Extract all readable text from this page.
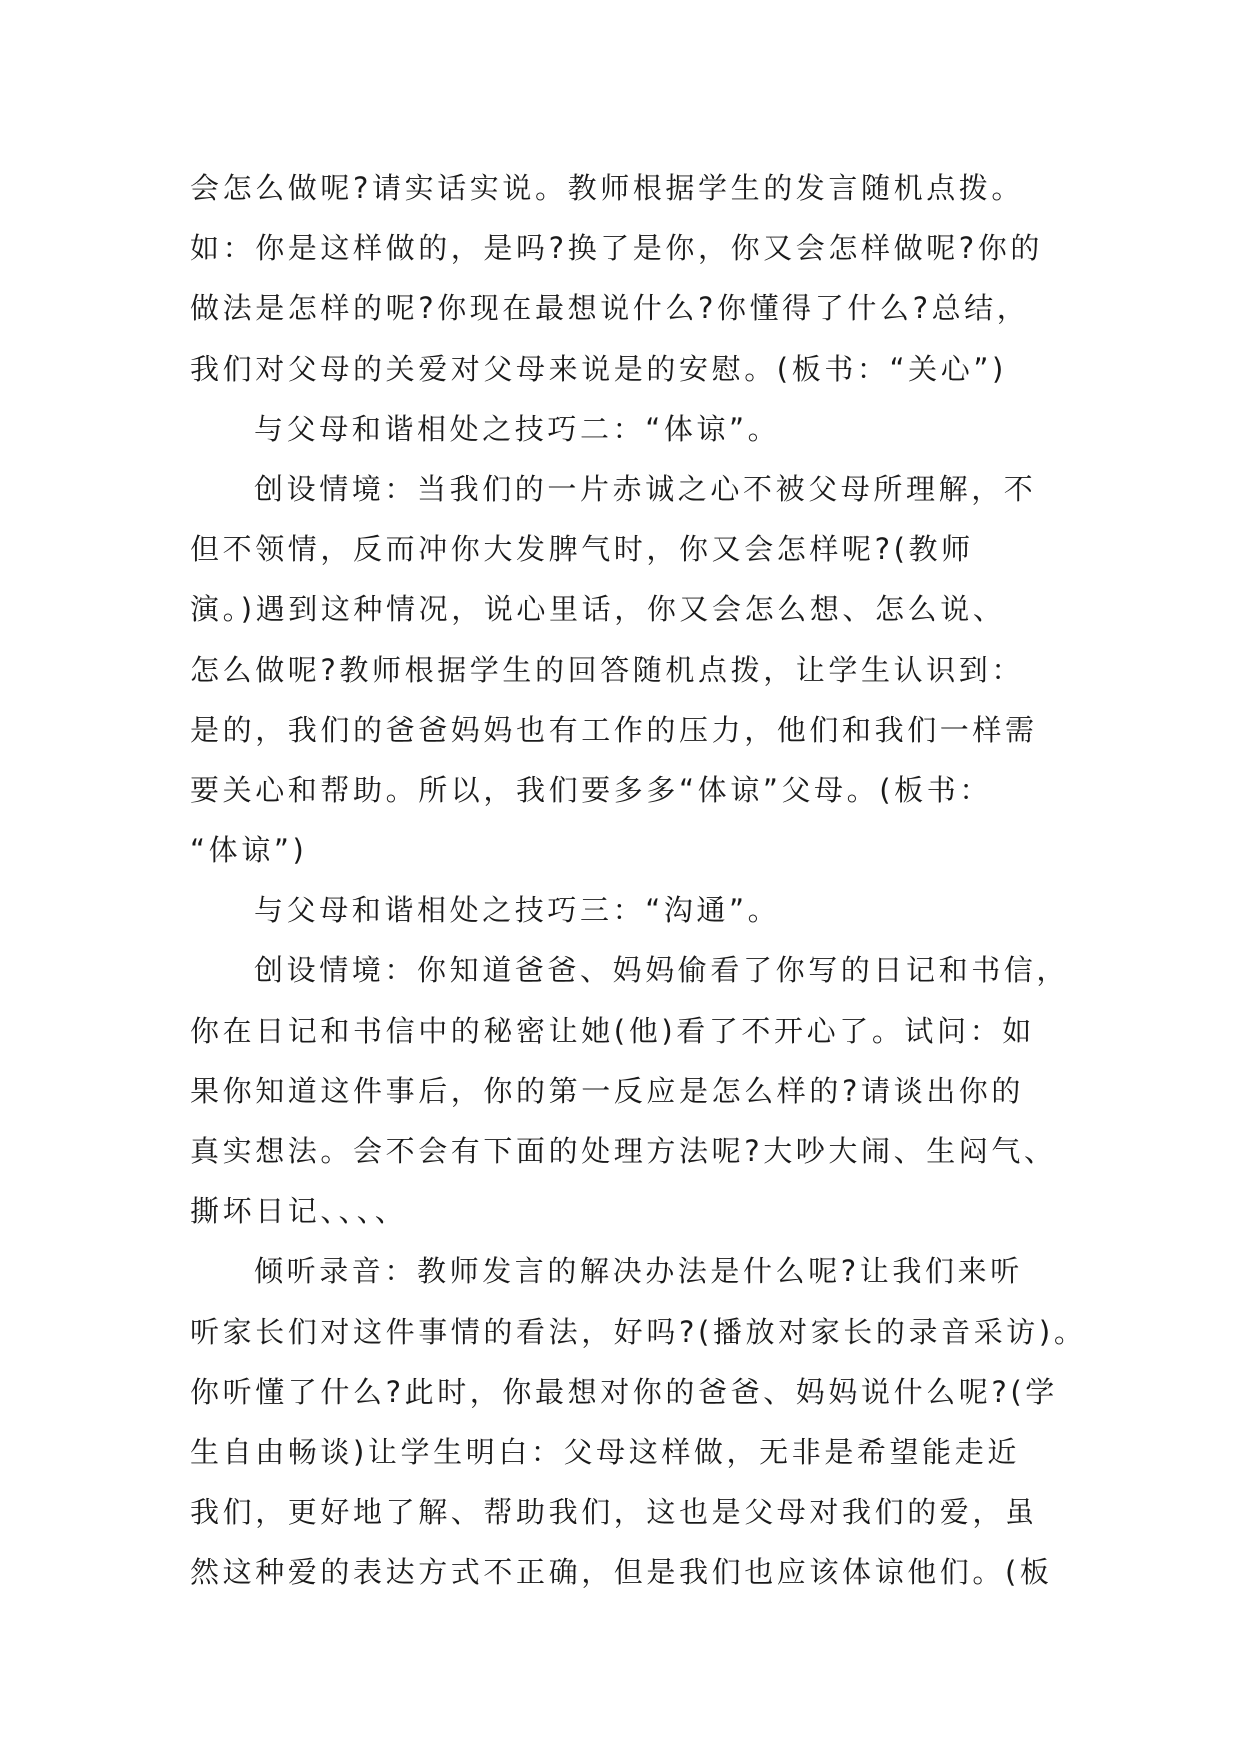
会怎么做呢?请实话实说。教师根据学生的发言随机点拨。
如：你是这样做的，是吗?换了是你，你又会怎样做呢?你的
做法是怎样的呢?你现在最想说什么?你懂得了什么?总结，
我们对父母的关爱对父母来说是的安慰。(板书：“关心”)
与父母和谐相处之技巧二：“体谅”。
创设情境：当我们的一片赤诚之心不被父母所理解，不
但不领情，反而冲你大发脾气时，你又会怎样呢?(教师
演。)遇到这种情况，说心里话，你又会怎么想、怎么说、
怎么做呢?教师根据学生的回答随机点拨，让学生认识到：
是的，我们的爸爸妈妈也有工作的压力，他们和我们一样需
要关心和帮助。所以，我们要多多“体谅”父母。(板书：
“体谅”)
与父母和谐相处之技巧三：“沟通”。
创设情境：你知道爸爸、妈妈偷看了你写的日记和书信，
你在日记和书信中的秘密让她(他)看了不开心了。试问：如
果你知道这件事后，你的第一反应是怎么样的?请谈出你的
真实想法。会不会有下面的处理方法呢?大吵大闹、生闷气、
撕坏日记、、、、
倾听录音：教师发言的解决办法是什么呢?让我们来听
听家长们对这件事情的看法，好吗?(播放对家长的录音采访)。
你听懂了什么?此时，你最想对你的爸爸、妈妈说什么呢?(学
生自由畅谈)让学生明白：父母这样做，无非是希望能走近
我们，更好地了解、帮助我们，这也是父母对我们的爱，虽
然这种爱的表达方式不正确，但是我们也应该体谅他们。(板
